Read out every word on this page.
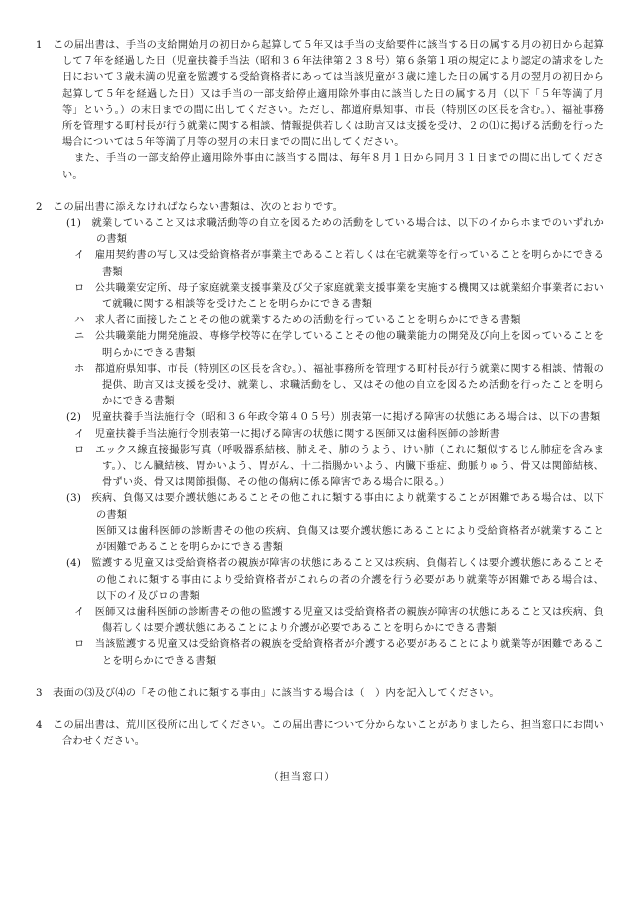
1　この届出書は、手当の支給開始月の初日から起算して５年又は手当の支給要件に該当する日の属する月の初日から起算して７年を経過した日（児童扶養手当法（昭和３６年法律第２３８号）第６条第１項の規定により認定の請求をした日において３歳未満の児童を監護する受給資格者にあっては当該児童が３歳に達した日の属する月の翌月の初日から起算して５年を経過した日）又は手当の一部支給停止適用除外事由に該当した日の属する月（以下「５年等満了月等」という。）の末日までの間に出してください。ただし、都道府県知事、市長（特別区の区長を含む。）、福祉事務所を管理する町村長が行う就業に関する相談、情報提供若しくは助言又は支援を受け、２の⑴に掲げる活動を行った場合については５年等満了月等の翌月の末日までの間に出してください。

また、手当の一部支給停止適用除外事由に該当する間は、毎年８月１日から同月３１日までの間に出してください。

2　この届出書に添えなければならない書類は、次のとおりです。

(1)　就業していること又は求職活動等の自立を図るための活動をしている場合は、以下のイからホまでのいずれかの書類

イ　雇用契約書の写し又は受給資格者が事業主であること若しくは在宅就業等を行っていることを明らかにできる書類

ロ　公共職業安定所、母子家庭就業支援事業及び父子家庭就業支援事業を実施する機関又は就業紹介事業者において就職に関する相談等を受けたことを明らかにできる書類

ハ　求人者に面接したことその他の就業するための活動を行っていることを明らかにできる書類

ニ　公共職業能力開発施設、専修学校等に在学していることその他の職業能力の開発及び向上を図っていることを明らかにできる書類

ホ　都道府県知事、市長（特別区の区長を含む。）、福祉事務所を管理する町村長が行う就業に関する相談、情報の提供、助言又は支援を受け、就業し、求職活動をし、又はその他の自立を図るため活動を行ったことを明らかにできる書類

(2)　児童扶養手当法施行令（昭和３６年政令第４０５号）別表第一に掲げる障害の状態にある場合は、以下の書類

イ　児童扶養手当法施行令別表第一に掲げる障害の状態に関する医師又は歯科医師の診断書

ロ　エックス線直接撮影写真（呼吸器系結核、肺えそ、肺のうよう、けい肺（これに類似するじん肺症を含みます。）、じん臓結核、胃かいよう、胃がん、十二指腸かいよう、内臓下垂症、動脈りゅう、骨又は関節結核、骨ずい炎、骨又は関節損傷、その他の傷病に係る障害である場合に限る。）

(3)　疾病、負傷又は要介護状態にあることその他これに類する事由により就業することが困難である場合は、以下の書類

医師又は歯科医師の診断書その他の疾病、負傷又は要介護状態にあることにより受給資格者が就業することが困難であることを明らかにできる書類

(4)　監護する児童又は受給資格者の親族が障害の状態にあること又は疾病、負傷若しくは要介護状態にあることその他これに類する事由により受給資格者がこれらの者の介護を行う必要があり就業等が困難である場合は、以下のイ及びロの書類

イ　医師又は歯科医師の診断書その他の監護する児童又は受給資格者の親族が障害の状態にあること又は疾病、負傷若しくは要介護状態にあることにより介護が必要であることを明らかにできる書類

ロ　当該監護する児童又は受給資格者の親族を受給資格者が介護する必要があることにより就業等が困難であることを明らかにできる書類

3　表面の⑶及び⑷の「その他これに類する事由」に該当する場合は（　）内を記入してください。

4　この届出書は、荒川区役所に出してください。この届出書について分からないことがありましたら、担当窓口にお問い合わせください。

（担当窓口）
